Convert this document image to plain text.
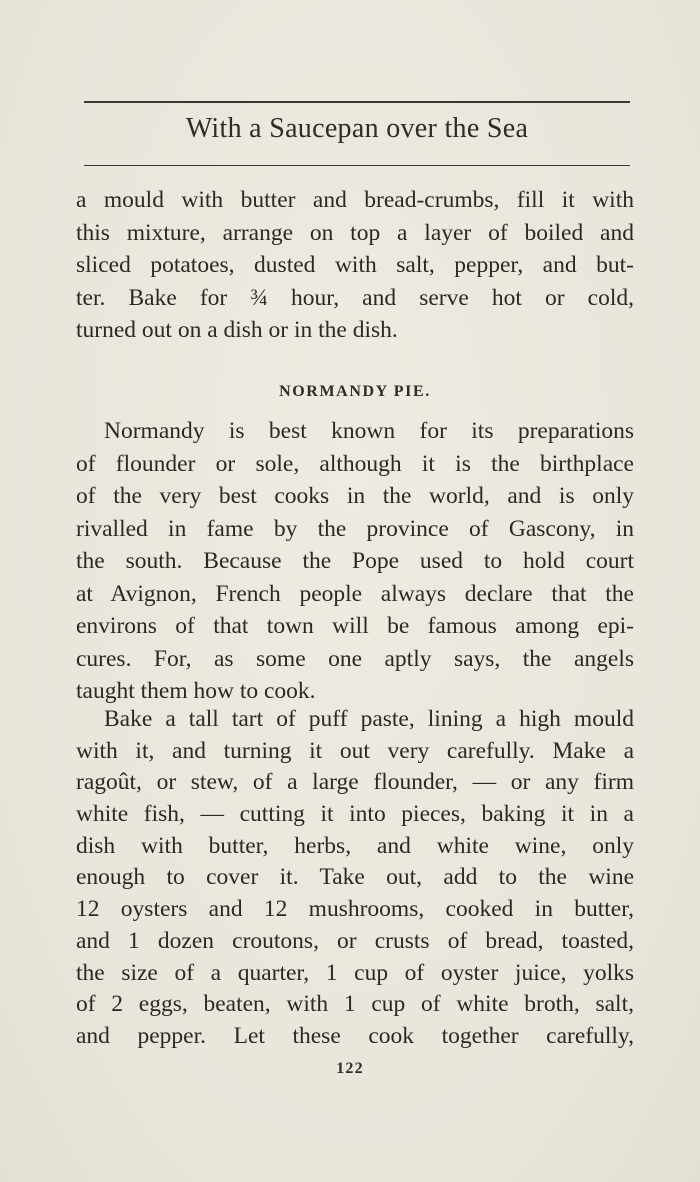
With a Saucepan over the Sea
a mould with butter and bread-crumbs, fill it with
this mixture, arrange on top a layer of boiled and
sliced potatoes, dusted with salt, pepper, and but-
ter. Bake for ¾ hour, and serve hot or cold,
turned out on a dish or in the dish.
NORMANDY PIE.
Normandy is best known for its preparations
of flounder or sole, although it is the birthplace
of the very best cooks in the world, and is only
rivalled in fame by the province of Gascony, in
the south. Because the Pope used to hold court
at Avignon, French people always declare that the
environs of that town will be famous among epi-
cures. For, as some one aptly says, the angels
taught them how to cook.
Bake a tall tart of puff paste, lining a high mould
with it, and turning it out very carefully. Make a
ragoût, or stew, of a large flounder, — or any firm
white fish, — cutting it into pieces, baking it in a
dish with butter, herbs, and white wine, only
enough to cover it. Take out, add to the wine
12 oysters and 12 mushrooms, cooked in butter,
and 1 dozen croutons, or crusts of bread, toasted,
the size of a quarter, 1 cup of oyster juice, yolks
of 2 eggs, beaten, with 1 cup of white broth, salt,
and pepper. Let these cook together carefully,
122
